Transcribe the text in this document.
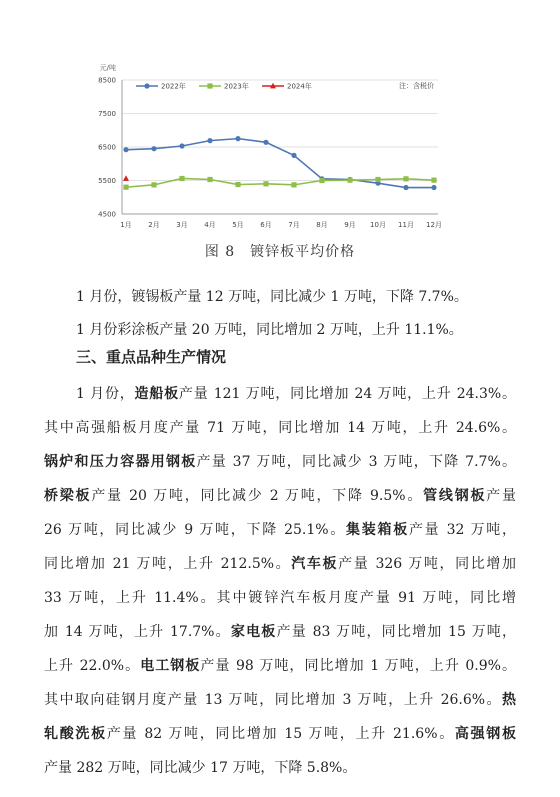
元/吨
4500
5500
6500
7500
8500
1月 2月 3月 4月 5月 6月 7月 8月 9月 10月 11月 12月
2022年	2023年	2024年	注：含税价
图 8　镀锌板平均价格
1 月份，镀锡板产量 12 万吨，同比减少 1 万吨，下降 7.7%。
1 月份彩涂板产量 20 万吨，同比增加 2 万吨，上升 11.1%。
三、重点品种生产情况
1 月份，造船板产量 121 万吨，同比增加 24 万吨，上升 24.3%。
其中高强船板月度产量 71 万吨，同比增加 14 万吨，上升 24.6%。
锅炉和压力容器用钢板产量 37 万吨，同比减少 3 万吨，下降 7.7%。
桥梁板产量 20 万吨，同比减少 2 万吨，下降 9.5%。管线钢板产量
26 万吨，同比减少 9 万吨，下降 25.1%。集装箱板产量 32 万吨，
同比增加 21 万吨，上升 212.5%。汽车板产量 326 万吨，同比增加
33 万吨，上升 11.4%。其中镀锌汽车板月度产量 91 万吨，同比增
加 14 万吨，上升 17.7%。家电板产量 83 万吨，同比增加 15 万吨，
上升 22.0%。电工钢板产量 98 万吨，同比增加 1 万吨，上升 0.9%。
其中取向硅钢月度产量 13 万吨，同比增加 3 万吨，上升 26.6%。热
轧酸洗板产量 82 万吨，同比增加 15 万吨，上升 21.6%。高强钢板
产量 282 万吨，同比减少 17 万吨，下降 5.8%。
